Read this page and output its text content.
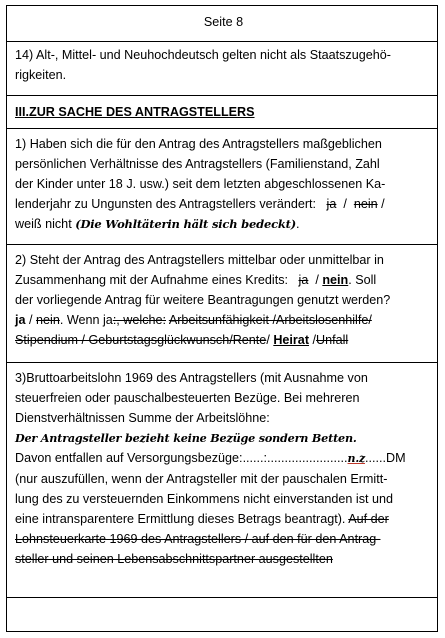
Seite 8
14) Alt-, Mittel- und Neuhochdeutsch gelten nicht als Staatszugehö-
rigkeiten.
III.ZUR SACHE DES ANTRAGSTELLERS
1) Haben sich die für den Antrag des Antragstellers maßgeblichen
persönlichen Verhältnisse des Antragstellers (Familienstand, Zahl
der Kinder unter 18 J. usw.) seit dem letzten abgeschlossenen Ka-
lenderjahr zu Ungunsten des Antragstellers verändert: ja / nein /
weiß nicht (Die Wohltäterin hält sich bedeckt).
2) Steht der Antrag des Antragstellers mittelbar oder unmittelbar in
Zusammenhang mit der Aufnahme eines Kredits: ja  / nein. Soll
der vorliegende Antrag für weitere Beantragungen genutzt werden?
ja / nein. Wenn ja:, welche: Arbeitsunfähigkeit /Arbeitslosenhilfe/
Stipendium / Geburtstagsglückwunsch/Rente/ Heirat /Unfall
3)Bruttoarbeitslohn 1969 des Antragstellers (mit Ausnahme von
steuerfreien oder pauschalbesteuerten Bezüge. Bei mehreren
Dienstverhältnissen Summe der Arbeitslöhne:
Der Antragsteller bezieht keine Bezüge sondern Betten.
Davon entfallen auf Versorgungsbezüge:......:.......................n.z......DM
(nur auszufüllen, wenn der Antragsteller mit der pauschalen Ermitt-
lung des zu versteuernden Einkommens nicht einverstanden ist und
eine intransparentere Ermittlung dieses Betrags beantragt). Auf der
Lohnsteuerkarte 1969 des Antragstellers / auf den für den Antrag-
steller und seinen Lebensabschnittspartner ausgestellten
